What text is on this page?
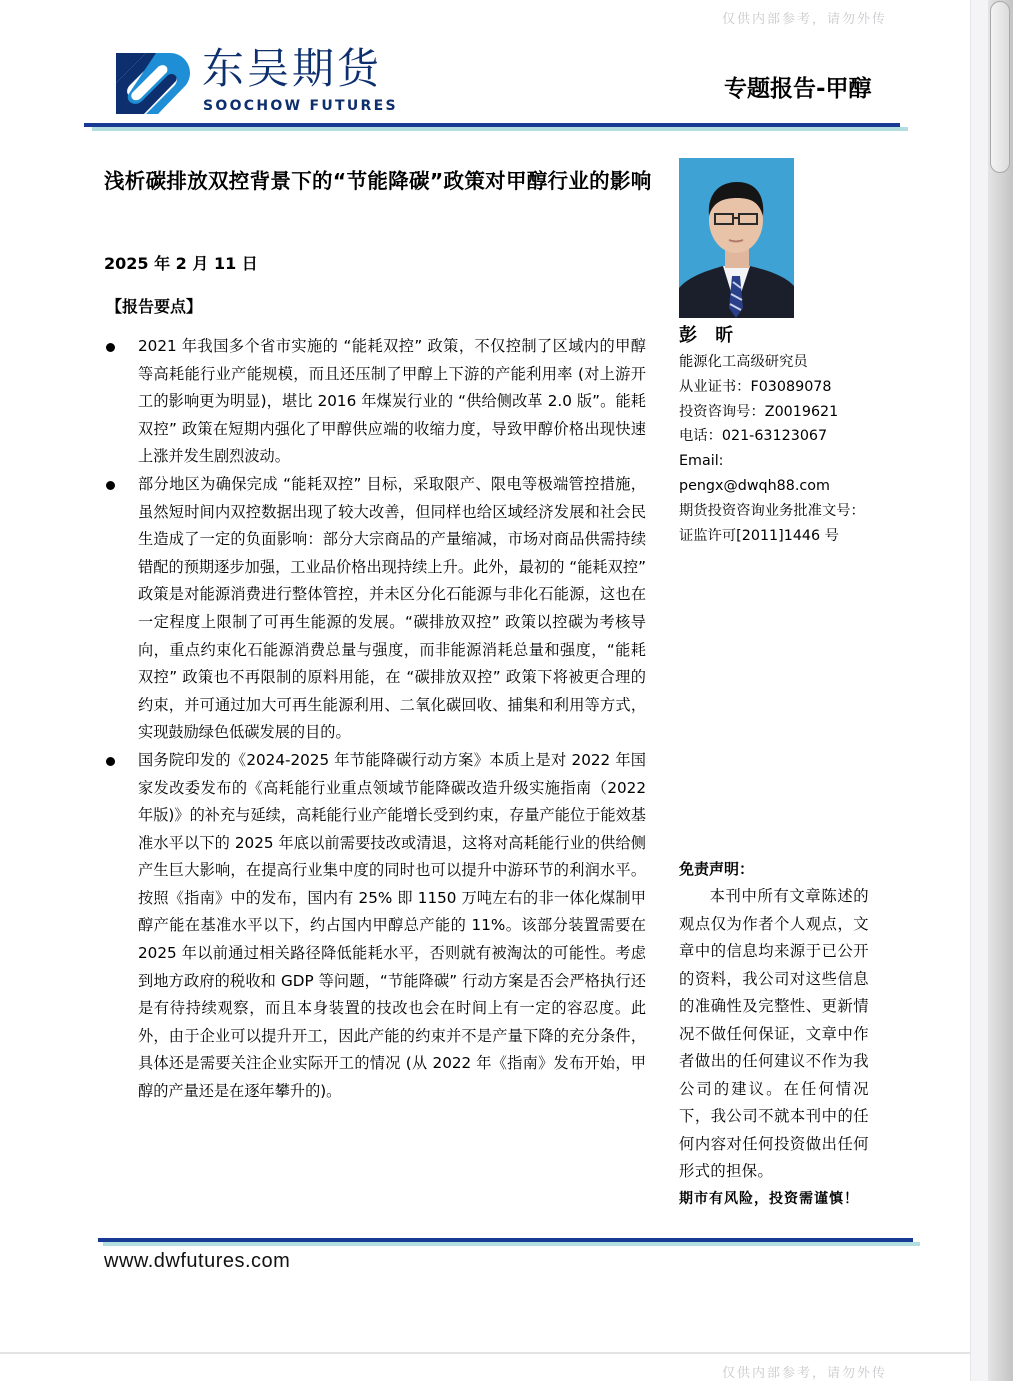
仅供内部参考，请勿外传
东吴期货
SOOCHOW FUTURES
专题报告-甲醇
浅析碳排放双控背景下的“节能降碳”政策对甲醇行业的影响
2025 年 2 月 11 日
【报告要点】
2021 年我国多个省市实施的 “能耗双控” 政策，不仅控制了区域内的甲醇等高耗能行业产能规模，而且还压制了甲醇上下游的产能利用率 (对上游开工的影响更为明显)，堪比 2016 年煤炭行业的 “供给侧改革 2.0 版”。能耗双控” 政策在短期内强化了甲醇供应端的收缩力度，导致甲醇价格出现快速上涨并发生剧烈波动。
部分地区为确保完成 “能耗双控” 目标，采取限产、限电等极端管控措施，虽然短时间内双控数据出现了较大改善，但同样也给区域经济发展和社会民生造成了一定的负面影响：部分大宗商品的产量缩减，市场对商品供需持续错配的预期逐步加强，工业品价格出现持续上升。此外，最初的 “能耗双控” 政策是对能源消费进行整体管控，并未区分化石能源与非化石能源，这也在一定程度上限制了可再生能源的发展。“碳排放双控” 政策以控碳为考核导向，重点约束化石能源消费总量与强度，而非能源消耗总量和强度，“能耗双控” 政策也不再限制的原料用能，在 “碳排放双控” 政策下将被更合理的约束，并可通过加大可再生能源利用、二氧化碳回收、捕集和利用等方式，实现鼓励绿色低碳发展的目的。
国务院印发的《2024-2025 年节能降碳行动方案》本质上是对 2022 年国家发改委发布的《高耗能行业重点领域节能降碳改造升级实施指南（2022 年版)》的补充与延续，高耗能行业产能增长受到约束，存量产能位于能效基准水平以下的 2025 年底以前需要技改或清退，这将对高耗能行业的供给侧产生巨大影响，在提高行业集中度的同时也可以提升中游环节的利润水平。按照《指南》中的发布，国内有 25% 即 1150 万吨左右的非一体化煤制甲醇产能在基准水平以下，约占国内甲醇总产能的 11%。该部分装置需要在 2025 年以前通过相关路径降低能耗水平，否则就有被淘汰的可能性。考虑到地方政府的税收和 GDP 等问题，“节能降碳” 行动方案是否会严格执行还是有待持续观察，而且本身装置的技改也会在时间上有一定的容忍度。此外，由于企业可以提升开工，因此产能的约束并不是产量下降的充分条件，具体还是需要关注企业实际开工的情况 (从 2022 年《指南》发布开始，甲醇的产量还是在逐年攀升的)。
彭 昕
能源化工高级研究员
从业证书：F03089078
投资咨询号：Z0019621
电话：021-63123067
Email:
pengx@dwqh88.com
期货投资咨询业务批准文号：
证监许可[2011]1446 号
免责声明：
本刊中所有文章陈述的观点仅为作者个人观点，文章中的信息均来源于已公开的资料，我公司对这些信息的准确性及完整性、更新情况不做任何保证，文章中作者做出的任何建议不作为我公司的建议。在任何情况下，我公司不就本刊中的任何内容对任何投资做出任何形式的担保。
期市有风险，投资需谨慎！
www.dwfutures.com
仅供内部参考，请勿外传
